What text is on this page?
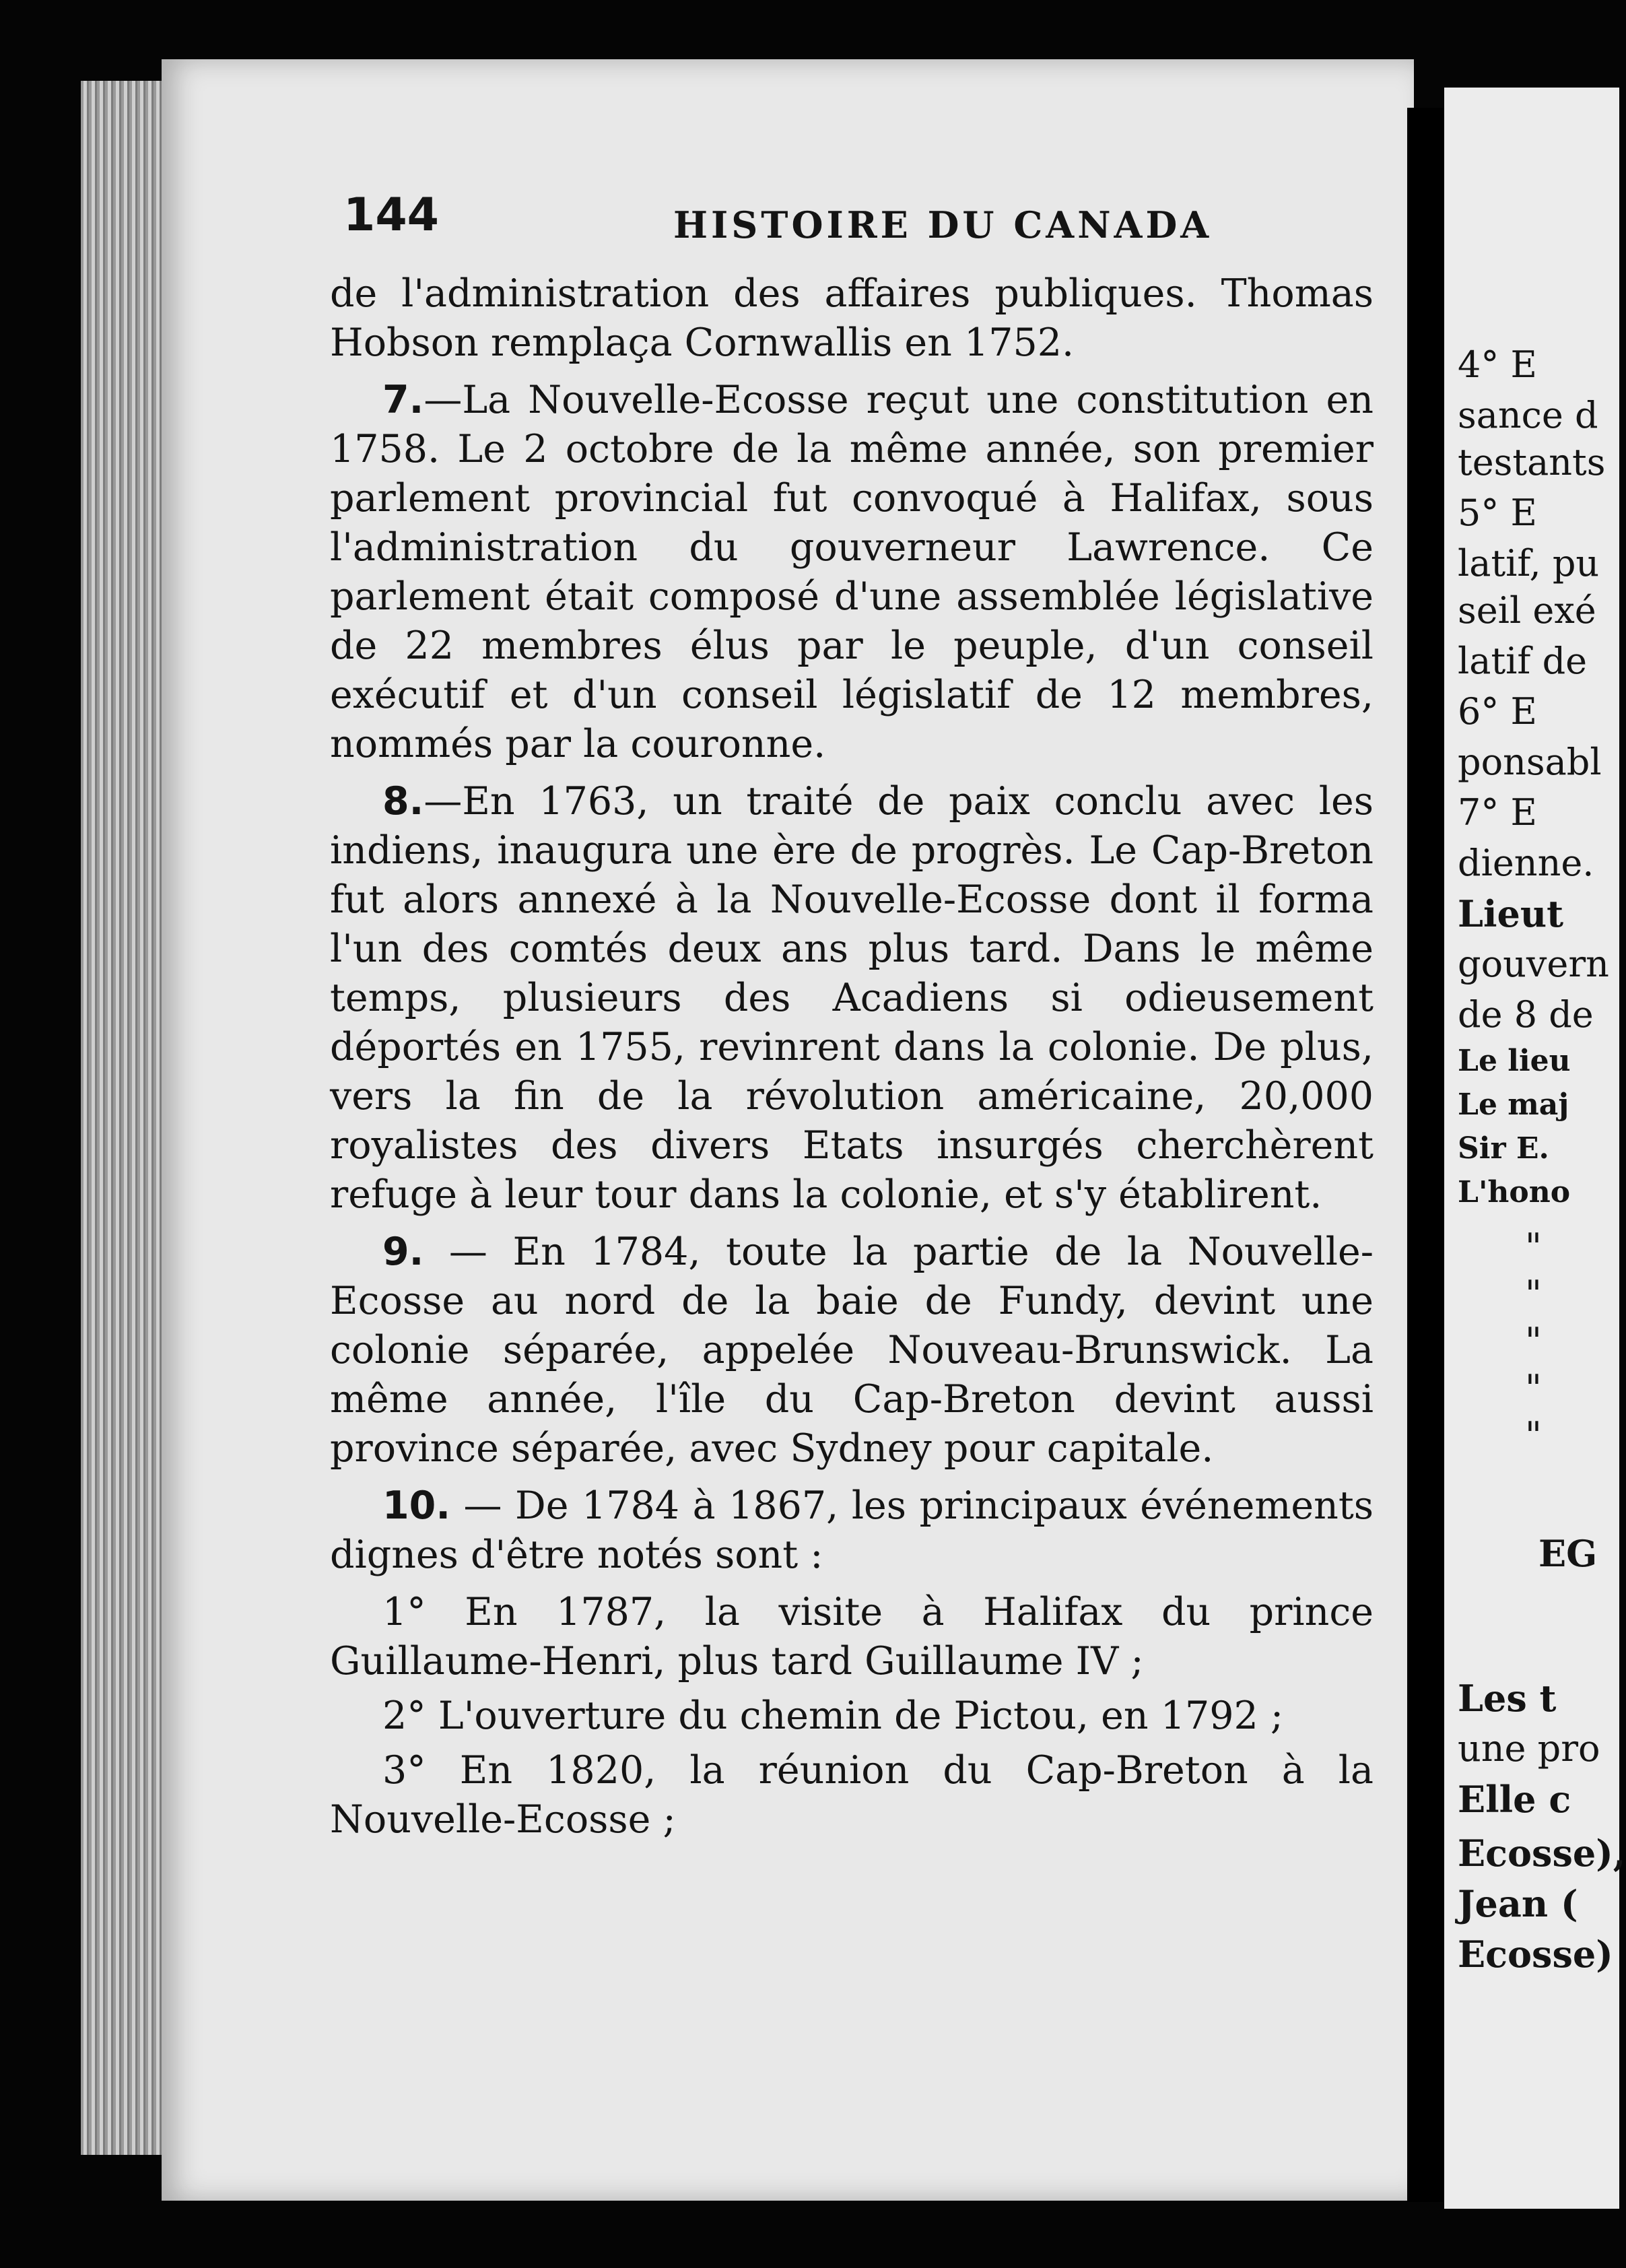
4° E
sance d
testants
5° E
latif, pu
seil exé
latif de
6° E
ponsabl
7° E
dienne.
Lieut
gouvern
de 8 de
Le lieu
Le maj
Sir E.
L'hono
"
"
"
"
"
EG
Les t
une pro
Elle c
Ecosse),
Jean (
Ecosse)
144	HISTOIRE DU CANADA

de l'administration des affaires publiques. Thomas Hobson remplaça Cornwallis en 1752.

7.—La Nouvelle-Ecosse reçut une constitution en 1758. Le 2 octobre de la même année, son premier parlement provincial fut convoqué à Halifax, sous l'administration du gouverneur Lawrence. Ce parlement était composé d'une assemblée législative de 22 membres élus par le peuple, d'un conseil exécutif et d'un conseil législatif de 12 membres, nommés par la couronne.

8.—En 1763, un traité de paix conclu avec les indiens, inaugura une ère de progrès. Le Cap-Breton fut alors annexé à la Nouvelle-Ecosse dont il forma l'un des comtés deux ans plus tard. Dans le même temps, plusieurs des Acadiens si odieusement déportés en 1755, revinrent dans la colonie. De plus, vers la fin de la révolution américaine, 20,000 royalistes des divers Etats insurgés cherchèrent refuge à leur tour dans la colonie, et s'y établirent.

9. — En 1784, toute la partie de la Nouvelle-Ecosse au nord de la baie de Fundy, devint une colonie séparée, appelée Nouveau-Brunswick. La même année, l'île du Cap-Breton devint aussi province séparée, avec Sydney pour capitale.

10. — De 1784 à 1867, les principaux événements dignes d'être notés sont :

1° En 1787, la visite à Halifax du prince Guillaume-Henri, plus tard Guillaume IV ;

2° L'ouverture du chemin de Pictou, en 1792 ;

3° En 1820, la réunion du Cap-Breton à la Nouvelle-Ecosse ;
